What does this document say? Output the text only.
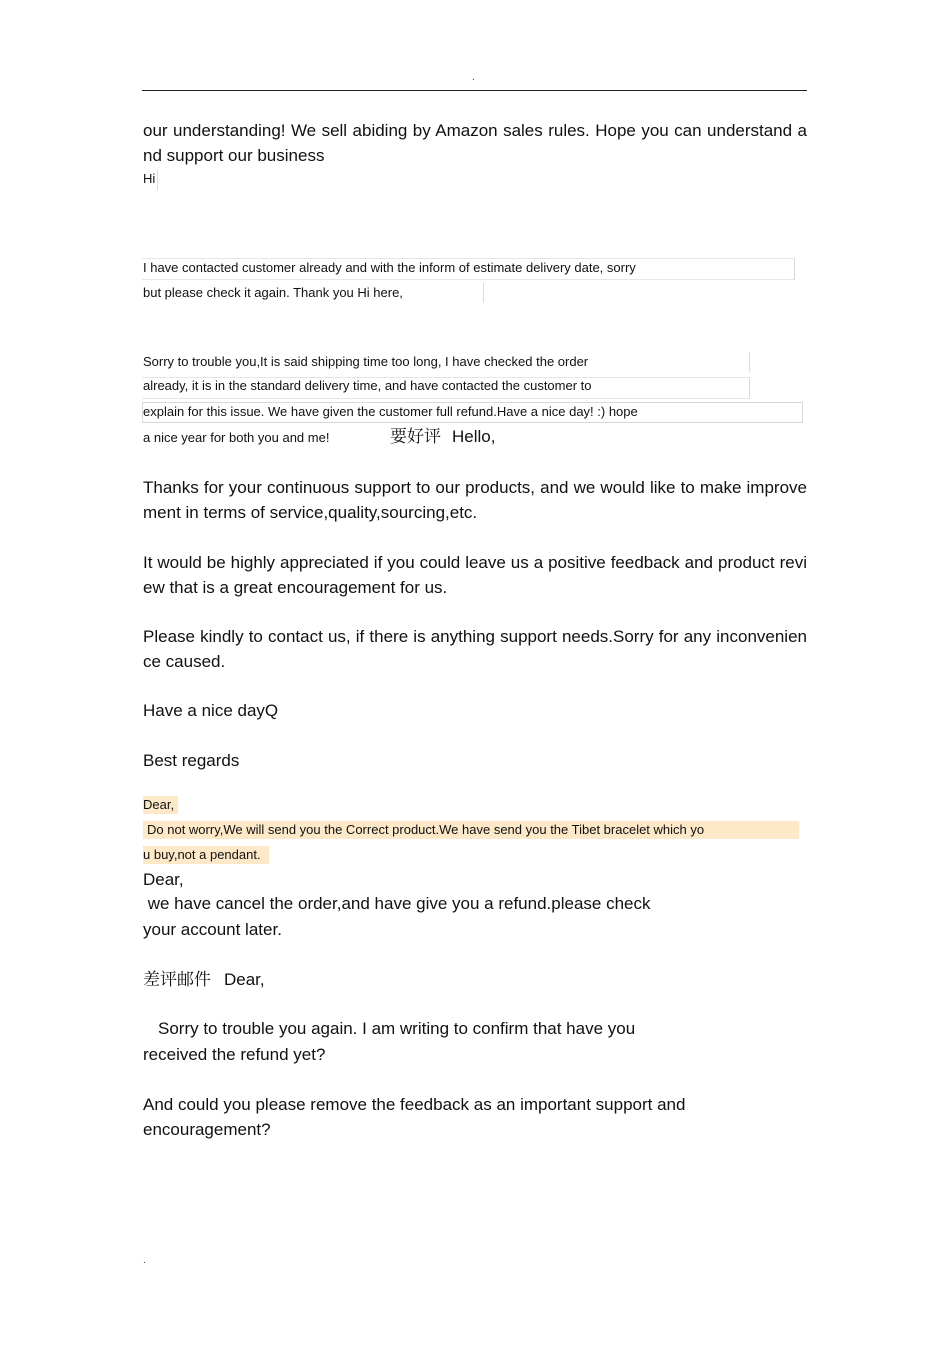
.
our understanding! We sell abiding by Amazon sales rules. Hope you can understand and support our business
Hi
I have contacted customer already and with the inform of estimate delivery date, sorry
but please check it again. Thank you Hi here,
Sorry to trouble you,It is said shipping time too long, I have checked the order
already, it is in the standard delivery time, and have contacted the customer to
explain for this issue. We have given the customer full refund.Have a nice day! :) hope
a nice year for both you and me!	要好评 Hello,
Thanks for your continuous support to our products, and we would like to make improvement in terms of service,quality,sourcing,etc.
It would be highly appreciated if you could leave us a positive feedback and product review that is a great encouragement for us.
Please kindly to contact us, if there is anything support needs.Sorry for any inconvenience caused.
Have a nice dayQ
Best regards
Dear,
Do not worry,We will send you the Correct product.We have send you the Tibet bracelet which yo
u buy,not a pendant.
Dear,
we have cancel the order,and have give you a refund.please check
your account later.
差评邮件 Dear,
Sorry to trouble you again. I am writing to confirm that have you
received the refund yet?
And could you please remove the feedback as an important support and
encouragement?
.
